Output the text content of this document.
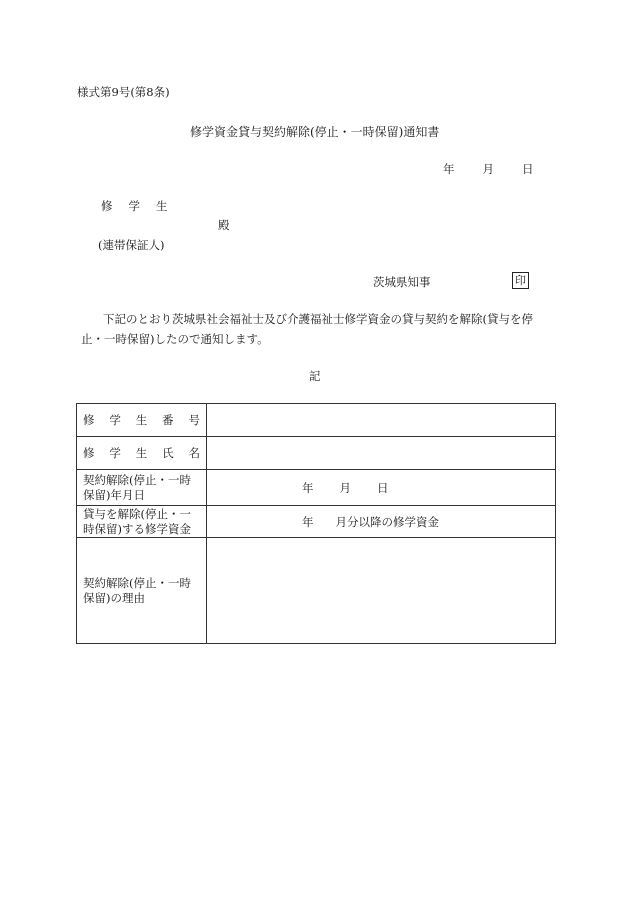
様式第9号(第8条)
修学資金貸与契約解除(停止・一時保留)通知書
年 月 日
修学生
殿
(連帯保証人)
茨城県知事	印
下記のとおり茨城県社会福祉士及び介護福祉士修学資金の貸与契約を解除(貸与を停
止・一時保留)したので通知します。
記
修 学 生 番 号	

修 学 生 氏 名	

契約解除(停止・一時
保留)年月日	年 月 日

貸与を解除(停止・一
時保留)する修学資金	年 月分以降の修学資金

契約解除(停止・一時
保留)の理由	
